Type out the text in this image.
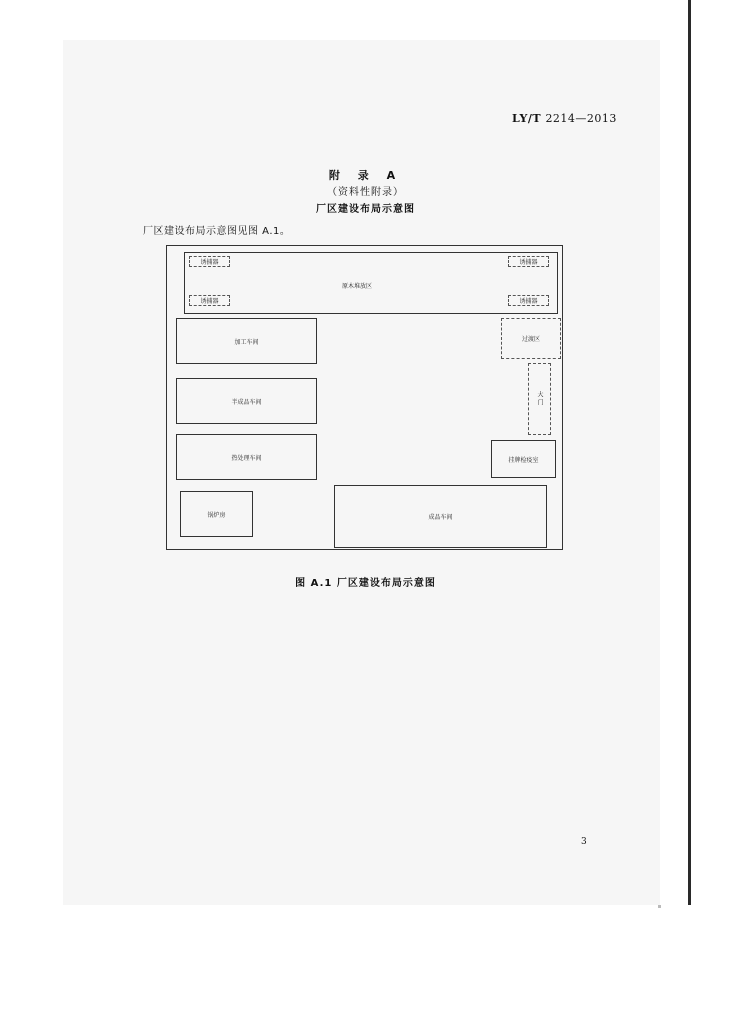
LY/T 2214—2013
附 录 A
（资料性附录）
厂区建设布局示意图
厂区建设布局示意图见图 A.1。
原木堆放区
诱捕器	诱捕器
诱捕器	诱捕器
加工车间
半成品车间
热处理车间
锅炉房	成品车间
过渡区
大门
挂牌检疫室
图 A.1 厂区建设布局示意图
3
